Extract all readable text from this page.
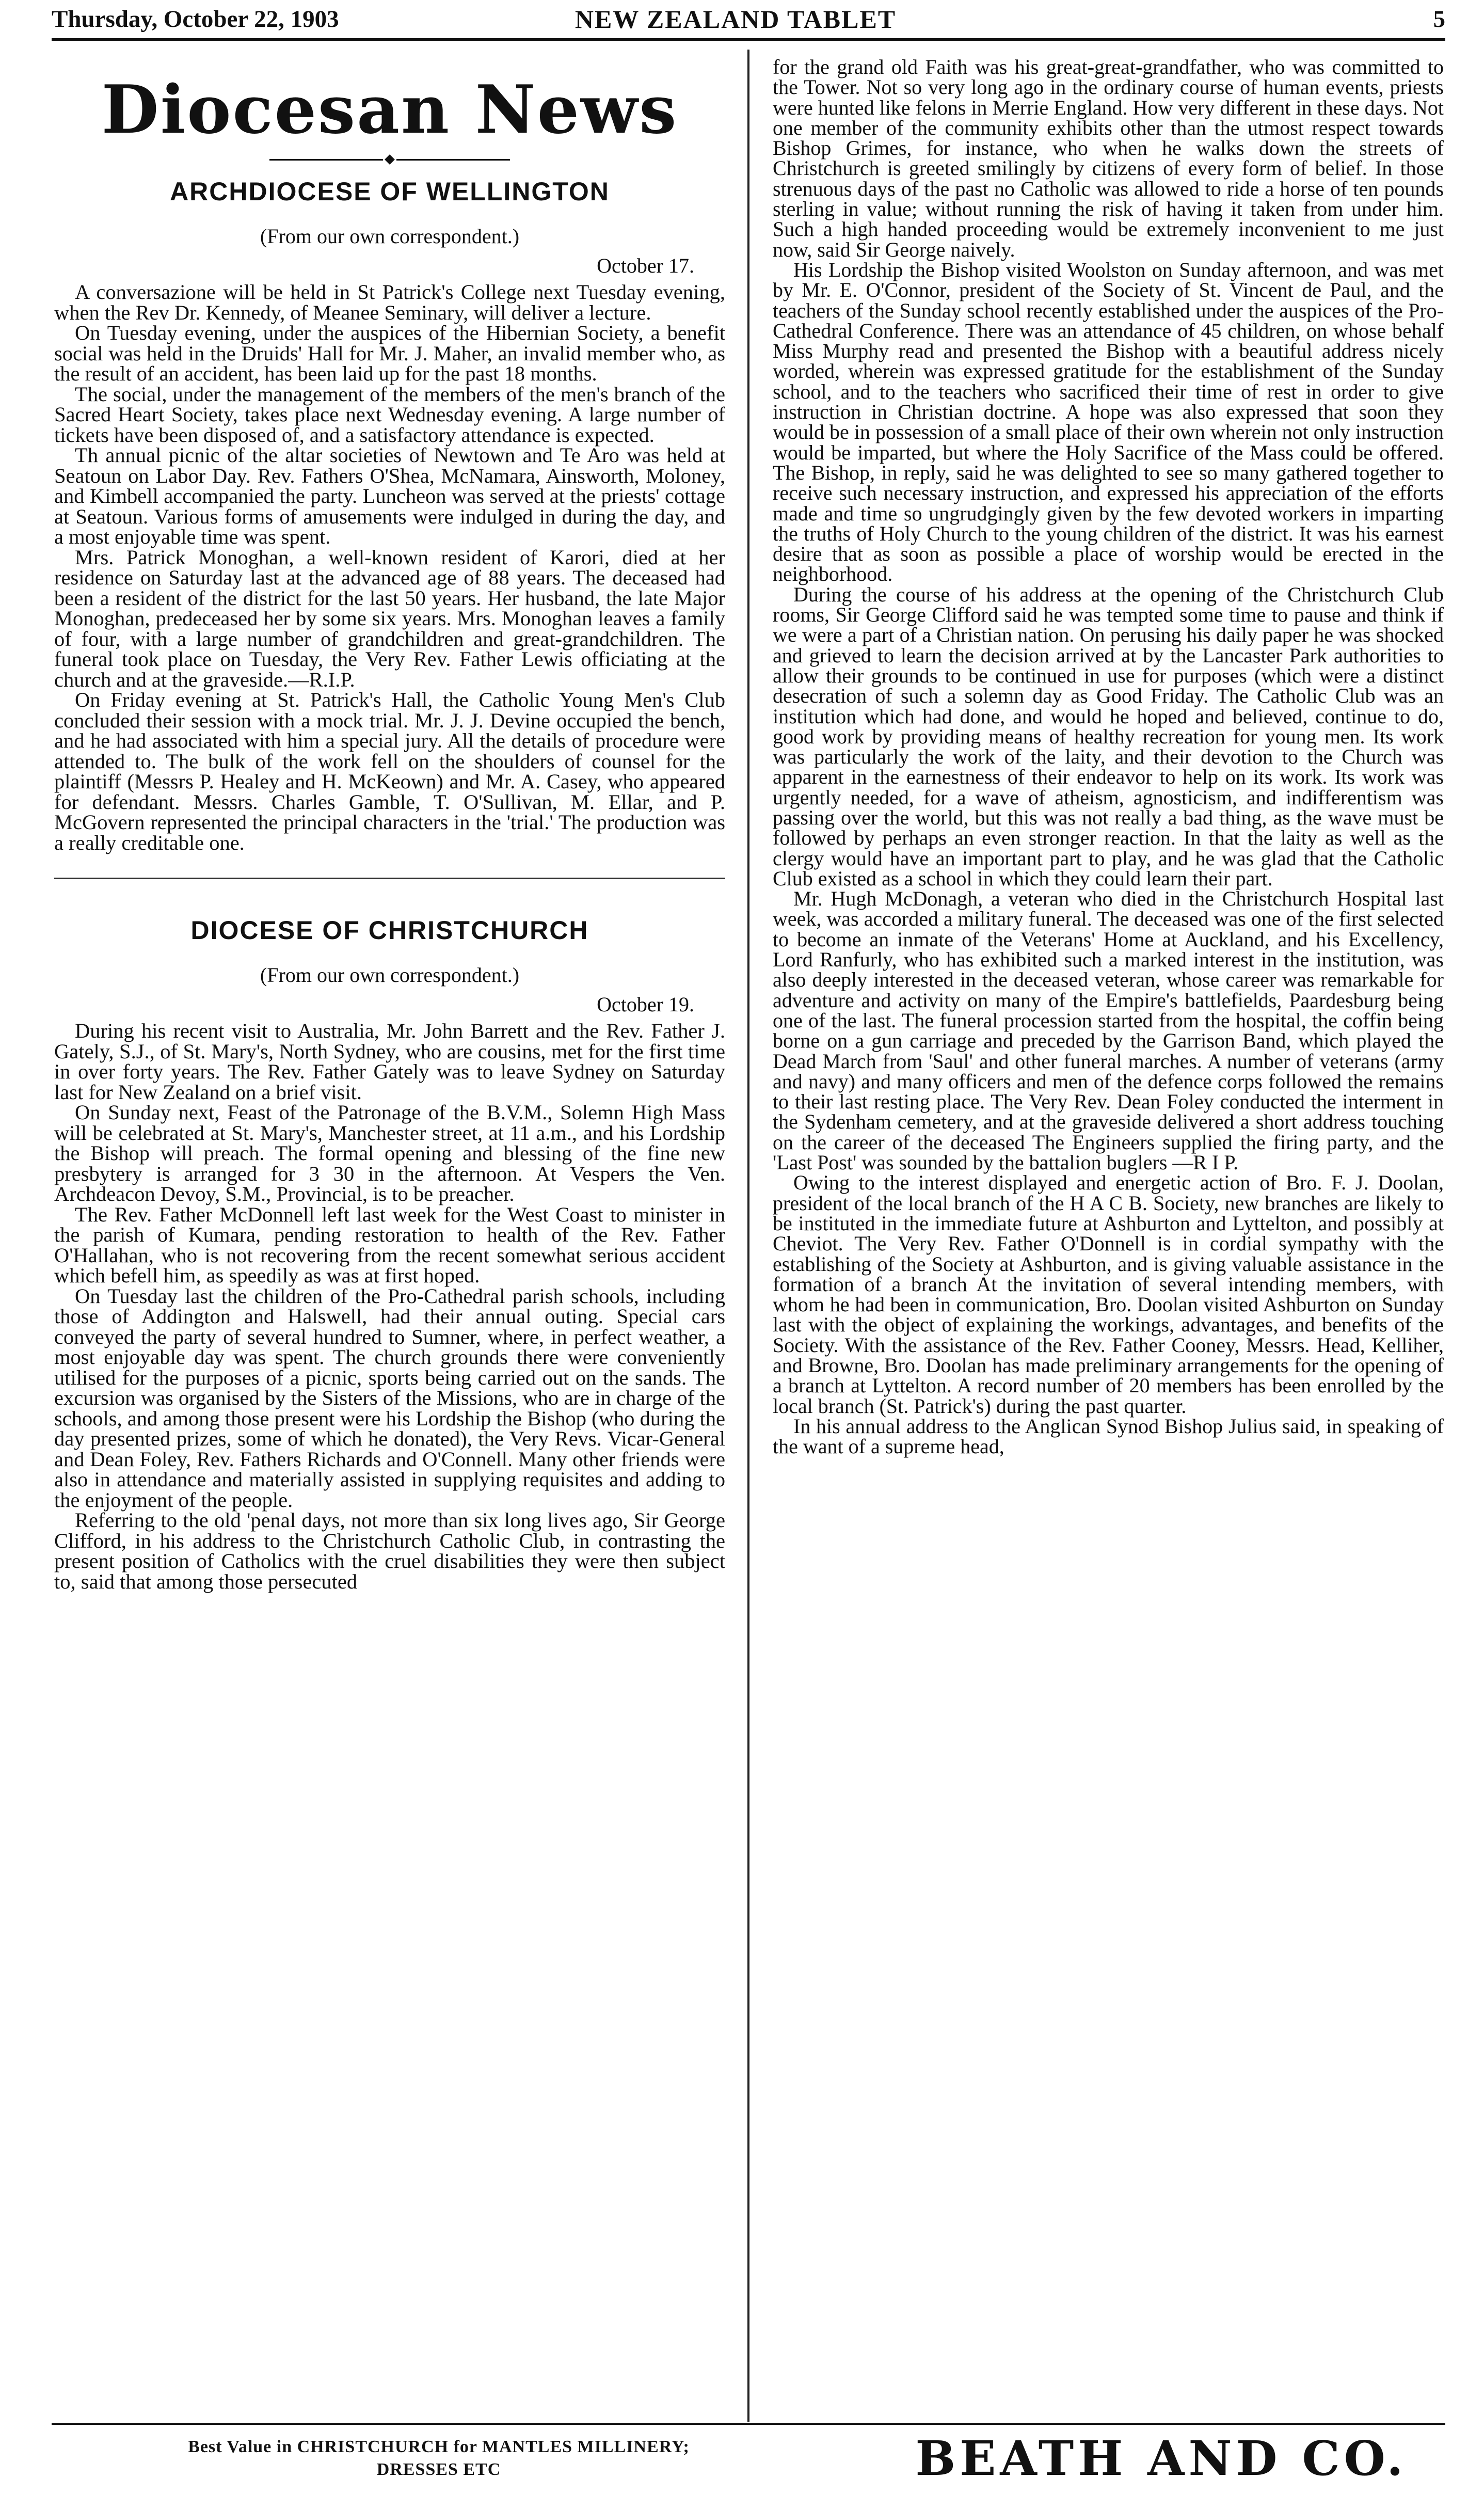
Thursday, October 22, 1903	NEW ZEALAND TABLET	5
Diocesan News
ARCHDIOCESE OF WELLINGTON
(From our own correspondent.)
October 17.

A conversazione will be held in St Patrick's College next Tuesday evening, when the Rev Dr. Kennedy, of Meanee Seminary, will deliver a lecture.

On Tuesday evening, under the auspices of the Hibernian Society, a benefit social was held in the Druids' Hall for Mr. J. Maher, an invalid member who, as the result of an accident, has been laid up for the past 18 months.

The social, under the management of the members of the men's branch of the Sacred Heart Society, takes place next Wednesday evening. A large number of tickets have been disposed of, and a satisfactory attendance is expected.

Th annual picnic of the altar societies of Newtown and Te Aro was held at Seatoun on Labor Day. Rev. Fathers O'Shea, McNamara, Ainsworth, Moloney, and Kimbell accompanied the party. Luncheon was served at the priests' cottage at Seatoun. Various forms of amusements were indulged in during the day, and a most enjoyable time was spent.

Mrs. Patrick Monoghan, a well-known resident of Karori, died at her residence on Saturday last at the advanced age of 88 years. The deceased had been a resident of the district for the last 50 years. Her husband, the late Major Monoghan, predeceased her by some six years. Mrs. Monoghan leaves a family of four, with a large number of grandchildren and great-grandchildren. The funeral took place on Tuesday, the Very Rev. Father Lewis officiating at the church and at the graveside.—R.I.P.

On Friday evening at St. Patrick's Hall, the Catholic Young Men's Club concluded their session with a mock trial. Mr. J. J. Devine occupied the bench, and he had associated with him a special jury. All the details of procedure were attended to. The bulk of the work fell on the shoulders of counsel for the plaintiff (Messrs P. Healey and H. McKeown) and Mr. A. Casey, who appeared for defendant. Messrs. Charles Gamble, T. O'Sullivan, M. Ellar, and P. McGovern represented the principal characters in the 'trial.' The production was a really creditable one.

DIOCESE OF CHRISTCHURCH
(From our own correspondent.)
October 19.

During his recent visit to Australia, Mr. John Barrett and the Rev. Father J. Gately, S.J., of St. Mary's, North Sydney, who are cousins, met for the first time in over forty years. The Rev. Father Gately was to leave Sydney on Saturday last for New Zealand on a brief visit.

On Sunday next, Feast of the Patronage of the B.V.M., Solemn High Mass will be celebrated at St. Mary's, Manchester street, at 11 a.m., and his Lordship the Bishop will preach. The formal opening and blessing of the fine new presbytery is arranged for 3 30 in the afternoon. At Vespers the Ven. Archdeacon Devoy, S.M., Provincial, is to be preacher.

The Rev. Father McDonnell left last week for the West Coast to minister in the parish of Kumara, pending restoration to health of the Rev. Father O'Hallahan, who is not recovering from the recent somewhat serious accident which befell him, as speedily as was at first hoped.

On Tuesday last the children of the Pro-Cathedral parish schools, including those of Addington and Halswell, had their annual outing. Special cars conveyed the party of several hundred to Sumner, where, in perfect weather, a most enjoyable day was spent. The church grounds there were conveniently utilised for the purposes of a picnic, sports being carried out on the sands. The excursion was organised by the Sisters of the Missions, who are in charge of the schools, and among those present were his Lordship the Bishop (who during the day presented prizes, some of which he donated), the Very Revs. Vicar-General and Dean Foley, Rev. Fathers Richards and O'Connell. Many other friends were also in attendance and materially assisted in supplying requisites and adding to the enjoyment of the people.

Referring to the old 'penal days, not more than six long lives ago, Sir George Clifford, in his address to the Christchurch Catholic Club, in contrasting the present position of Catholics with the cruel disabilities they were then subject to, said that among those persecuted

for the grand old Faith was his great-great-grandfather, who was committed to the Tower. Not so very long ago in the ordinary course of human events, priests were hunted like felons in Merrie England. How very different in these days. Not one member of the community exhibits other than the utmost respect towards Bishop Grimes, for instance, who when he walks down the streets of Christchurch is greeted smilingly by citizens of every form of belief. In those strenuous days of the past no Catholic was allowed to ride a horse of ten pounds sterling in value; without running the risk of having it taken from under him. Such a high handed proceeding would be extremely inconvenient to me just now, said Sir George naively.

His Lordship the Bishop visited Woolston on Sunday afternoon, and was met by Mr. E. O'Connor, president of the Society of St. Vincent de Paul, and the teachers of the Sunday school recently established under the auspices of the Pro-Cathedral Conference. There was an attendance of 45 children, on whose behalf Miss Murphy read and presented the Bishop with a beautiful address nicely worded, wherein was expressed gratitude for the establishment of the Sunday school, and to the teachers who sacrificed their time of rest in order to give instruction in Christian doctrine. A hope was also expressed that soon they would be in possession of a small place of their own wherein not only instruction would be imparted, but where the Holy Sacrifice of the Mass could be offered. The Bishop, in reply, said he was delighted to see so many gathered together to receive such necessary instruction, and expressed his appreciation of the efforts made and time so ungrudgingly given by the few devoted workers in imparting the truths of Holy Church to the young children of the district. It was his earnest desire that as soon as possible a place of worship would be erected in the neighborhood.

During the course of his address at the opening of the Christchurch Club rooms, Sir George Clifford said he was tempted some time to pause and think if we were a part of a Christian nation. On perusing his daily paper he was shocked and grieved to learn the decision arrived at by the Lancaster Park authorities to allow their grounds to be continued in use for purposes (which were a distinct desecration of such a solemn day as Good Friday. The Catholic Club was an institution which had done, and would he hoped and believed, continue to do, good work by providing means of healthy recreation for young men. Its work was particularly the work of the laity, and their devotion to the Church was apparent in the earnestness of their endeavor to help on its work. Its work was urgently needed, for a wave of atheism, agnosticism, and indifferentism was passing over the world, but this was not really a bad thing, as the wave must be followed by perhaps an even stronger reaction. In that the laity as well as the clergy would have an important part to play, and he was glad that the Catholic Club existed as a school in which they could learn their part.

Mr. Hugh McDonagh, a veteran who died in the Christchurch Hospital last week, was accorded a military funeral. The deceased was one of the first selected to become an inmate of the Veterans' Home at Auckland, and his Excellency, Lord Ranfurly, who has exhibited such a marked interest in the institution, was also deeply interested in the deceased veteran, whose career was remarkable for adventure and activity on many of the Empire's battlefields, Paardesburg being one of the last. The funeral procession started from the hospital, the coffin being borne on a gun carriage and preceded by the Garrison Band, which played the Dead March from 'Saul' and other funeral marches. A number of veterans (army and navy) and many officers and men of the defence corps followed the remains to their last resting place. The Very Rev. Dean Foley conducted the interment in the Sydenham cemetery, and at the graveside delivered a short address touching on the career of the deceased The Engineers supplied the firing party, and the 'Last Post' was sounded by the battalion buglers —R I P.

Owing to the interest displayed and energetic action of Bro. F. J. Doolan, president of the local branch of the H A C B. Society, new branches are likely to be instituted in the immediate future at Ashburton and Lyttelton, and possibly at Cheviot. The Very Rev. Father O'Donnell is in cordial sympathy with the establishing of the Society at Ashburton, and is giving valuable assistance in the formation of a branch At the invitation of several intending members, with whom he had been in communication, Bro. Doolan visited Ashburton on Sunday last with the object of explaining the workings, advantages, and benefits of the Society. With the assistance of the Rev. Father Cooney, Messrs. Head, Kelliher, and Browne, Bro. Doolan has made preliminary arrangements for the opening of a branch at Lyttelton. A record number of 20 members has been enrolled by the local branch (St. Patrick's) during the past quarter.

In his annual address to the Anglican Synod Bishop Julius said, in speaking of the want of a supreme head,

Best Value in CHRISTCHURCH for MANTLES MILLINERY;
DRESSES ETC	BEATH AND CO.
